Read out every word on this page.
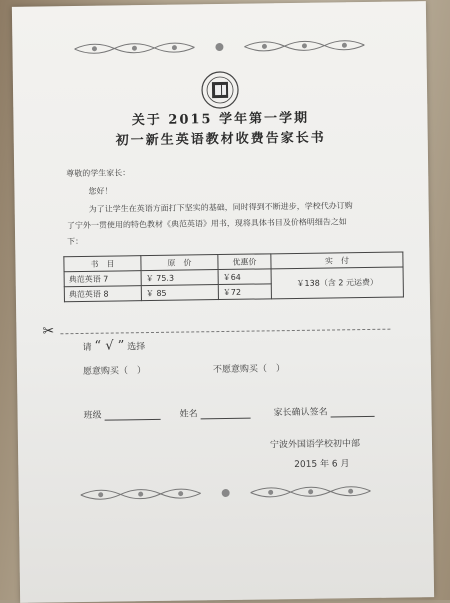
关于 2015 学年第一学期
初一新生英语教材收费告家长书
尊敬的学生家长：
您好！
为了让学生在英语方面打下坚实的基础，同时得到不断进步，学校代办订购
了宁外一贯使用的特色教材《典范英语》用书，现将具体书目及价格明细告之如
下：
书　目	原　价	优惠价	实　付
典范英语 7	￥ 75.3	￥64	￥138（含 2 元运费）
典范英语 8	￥ 85	￥72	
✂
请 “ √ ” 选择
愿意购买（　）	不愿意购买（　）
班级	姓名	家长确认签名
宁波外国语学校初中部
2015 年 6 月
